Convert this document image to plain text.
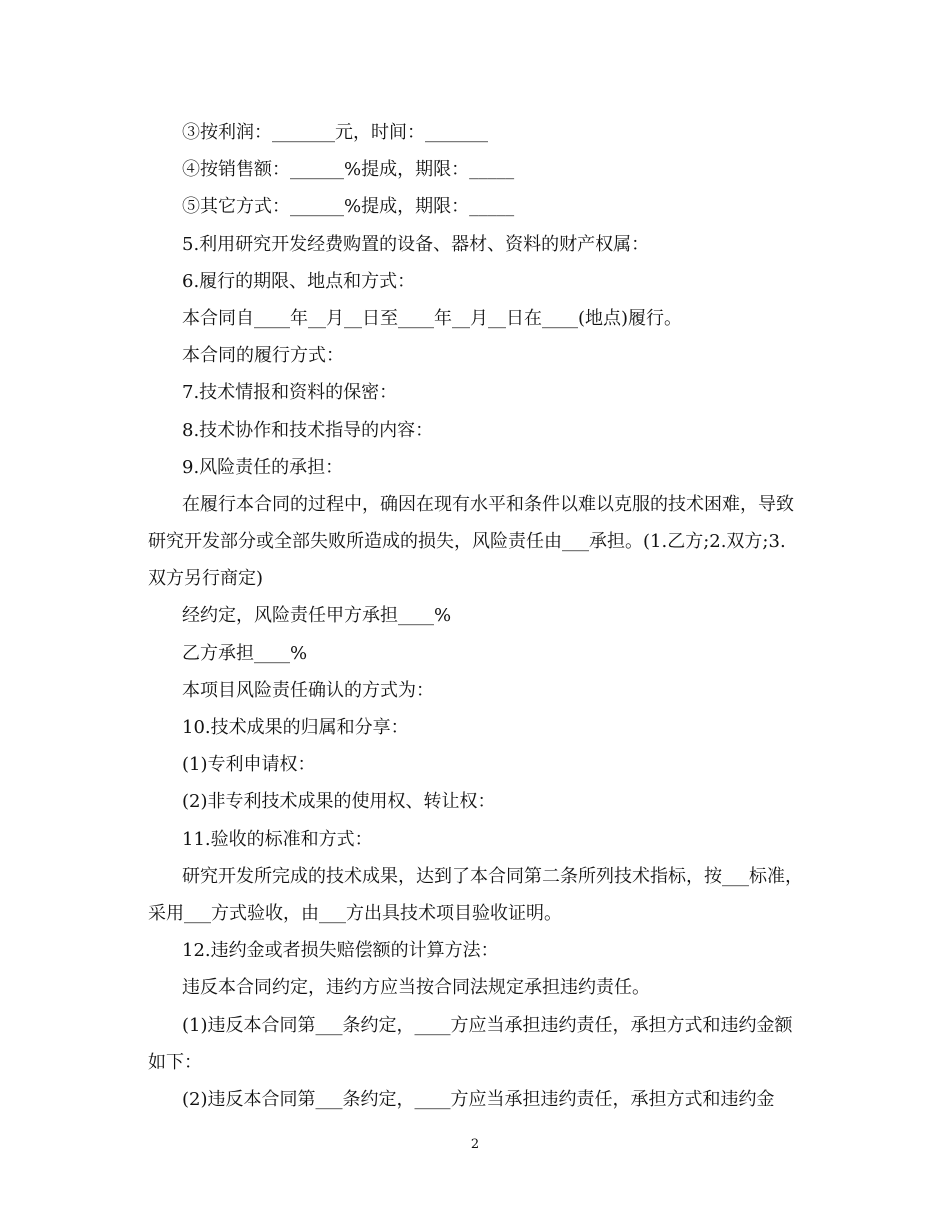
③按利润：_______元，时间：_______
④按销售额：______%提成，期限：_____
⑤其它方式：______%提成，期限：_____
5.利用研究开发经费购置的设备、器材、资料的财产权属：
6.履行的期限、地点和方式：
本合同自____年__月__日至____年__月__日在____(地点)履行。
本合同的履行方式：
7.技术情报和资料的保密：
8.技术协作和技术指导的内容：
9.风险责任的承担：
在履行本合同的过程中，确因在现有水平和条件以难以克服的技术困难，导致研究开发部分或全部失败所造成的损失，风险责任由___承担。(1.乙方;2.双方;3.双方另行商定)
经约定，风险责任甲方承担____%
乙方承担____%
本项目风险责任确认的方式为：
10.技术成果的归属和分享：
(1)专利申请权：
(2)非专利技术成果的使用权、转让权：
11.验收的标准和方式：
研究开发所完成的技术成果，达到了本合同第二条所列技术指标，按___标准，采用___方式验收，由___方出具技术项目验收证明。
12.违约金或者损失赔偿额的计算方法：
违反本合同约定，违约方应当按合同法规定承担违约责任。
(1)违反本合同第___条约定，____方应当承担违约责任，承担方式和违约金额如下：
(2)违反本合同第___条约定，____方应当承担违约责任，承担方式和违约金
2
